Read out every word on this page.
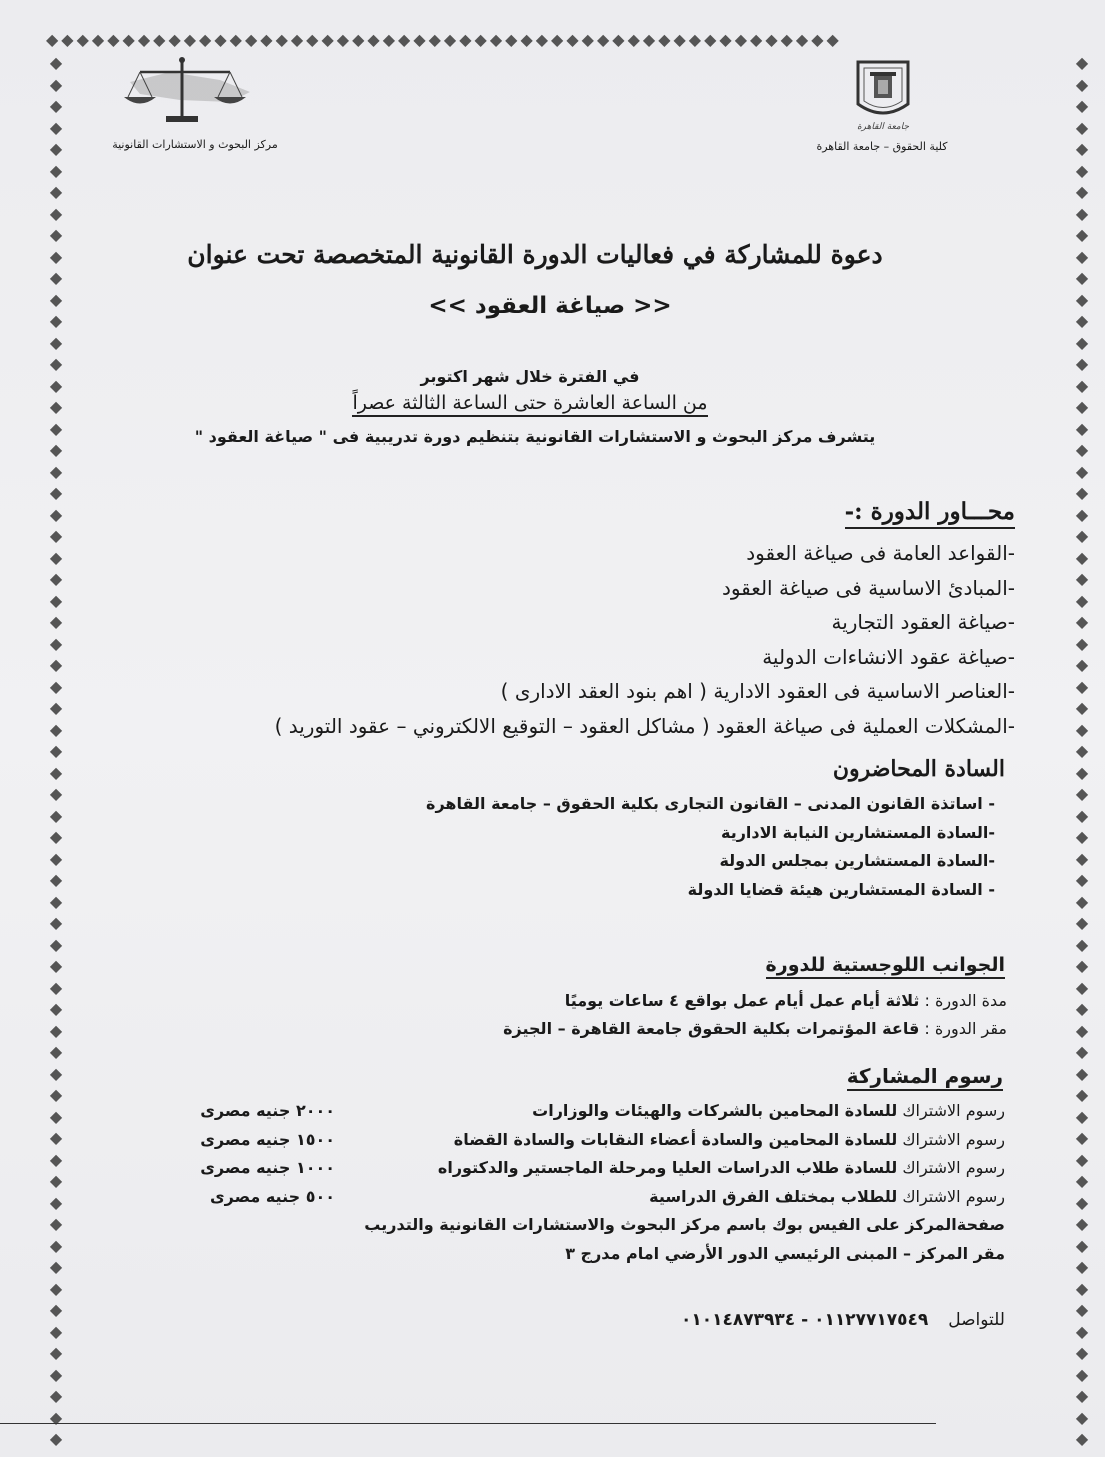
◆◆◆◆◆◆◆◆◆◆◆◆◆◆◆◆◆◆◆◆◆◆◆◆◆◆◆◆◆◆◆◆◆◆◆◆◆◆◆◆◆◆◆◆◆◆◆◆◆◆◆◆
◆
◆
◆
◆
◆
◆
◆
◆
◆
◆
◆
◆
◆
◆
◆
◆
◆
◆
◆
◆
◆
◆
◆
◆
◆
◆
◆
◆
◆
◆
◆
◆
◆
◆
◆
◆
◆
◆
◆
◆
◆
◆
◆
◆
◆
◆
◆
◆
◆
◆
◆
◆
◆
◆
◆
◆
◆
◆
◆
◆
◆
◆
◆
◆
◆
◆
◆
◆
◆
◆
◆
◆
◆
◆
◆
◆
◆
◆
◆
◆
◆
◆
◆
◆
◆
◆
◆
◆
◆
◆
◆
◆
◆
◆
◆
◆
◆
◆
◆
◆
◆
◆
◆
◆
◆
◆
◆
◆
◆
◆
◆
◆
◆
◆
◆
◆
◆
◆
◆
◆
◆
◆
◆
◆
◆
◆
◆
◆
◆
◆
مركز البحوث و الاستشارات القانونية
جامعة القاهرة
كلية الحقوق – جامعة القاهرة
دعوة للمشاركة في فعاليات الدورة القانونية المتخصصة تحت عنوان
<< صياغة العقود >>
في الفترة خلال شهر اكتوبر
من الساعة العاشرة حتى الساعة الثالثة عصراً
يتشرف مركز البحوث و الاستشارات القانونية بتنظيم دورة تدريبية فى " صياغة العقود "
محـــاور الدورة :-
-القواعد العامة فى صياغة العقود
-المبادئ الاساسية فى صياغة العقود
-صياغة العقود التجارية
-صياغة عقود الانشاءات الدولية
-العناصر الاساسية فى العقود الادارية ( اهم بنود العقد الادارى )
-المشكلات العملية فى صياغة العقود ( مشاكل العقود – التوقيع الالكتروني – عقود التوريد )
السادة المحاضرون
- اساتذة القانون المدنى – القانون التجارى بكلية الحقوق – جامعة القاهرة
-السادة المستشارين النيابة الادارية
-السادة المستشارين بمجلس الدولة
- السادة المستشارين هيئة قضايا الدولة
الجوانب اللوجستية للدورة
مدة الدورة : ثلاثة أيام عمل أيام عمل بواقع ٤ ساعات يوميًا
مقر الدورة : قاعة المؤتمرات بكلية الحقوق جامعة القاهرة – الجيزة
رسوم المشاركة
رسوم الاشتراك للسادة المحامين بالشركات والهيئات والوزارات
٢٠٠٠ جنيه مصرى
رسوم الاشتراك للسادة المحامين والسادة أعضاء النقابات والسادة القضاة
١٥٠٠ جنيه مصرى
رسوم الاشتراك للسادة طلاب الدراسات العليا ومرحلة الماجستير والدكتوراه
١٠٠٠ جنيه مصرى
رسوم الاشتراك للطلاب بمختلف الفرق الدراسية
٥٠٠ جنيه مصرى
صفحةالمركز على الفيس بوك باسم مركز البحوث والاستشارات القانونية والتدريب
مقر المركز – المبنى الرئيسي الدور الأرضي امام مدرج ٣
للتواصل
٠١١٢٧٧١٧٥٤٩ - ٠١٠١٤٨٧٣٩٣٤
